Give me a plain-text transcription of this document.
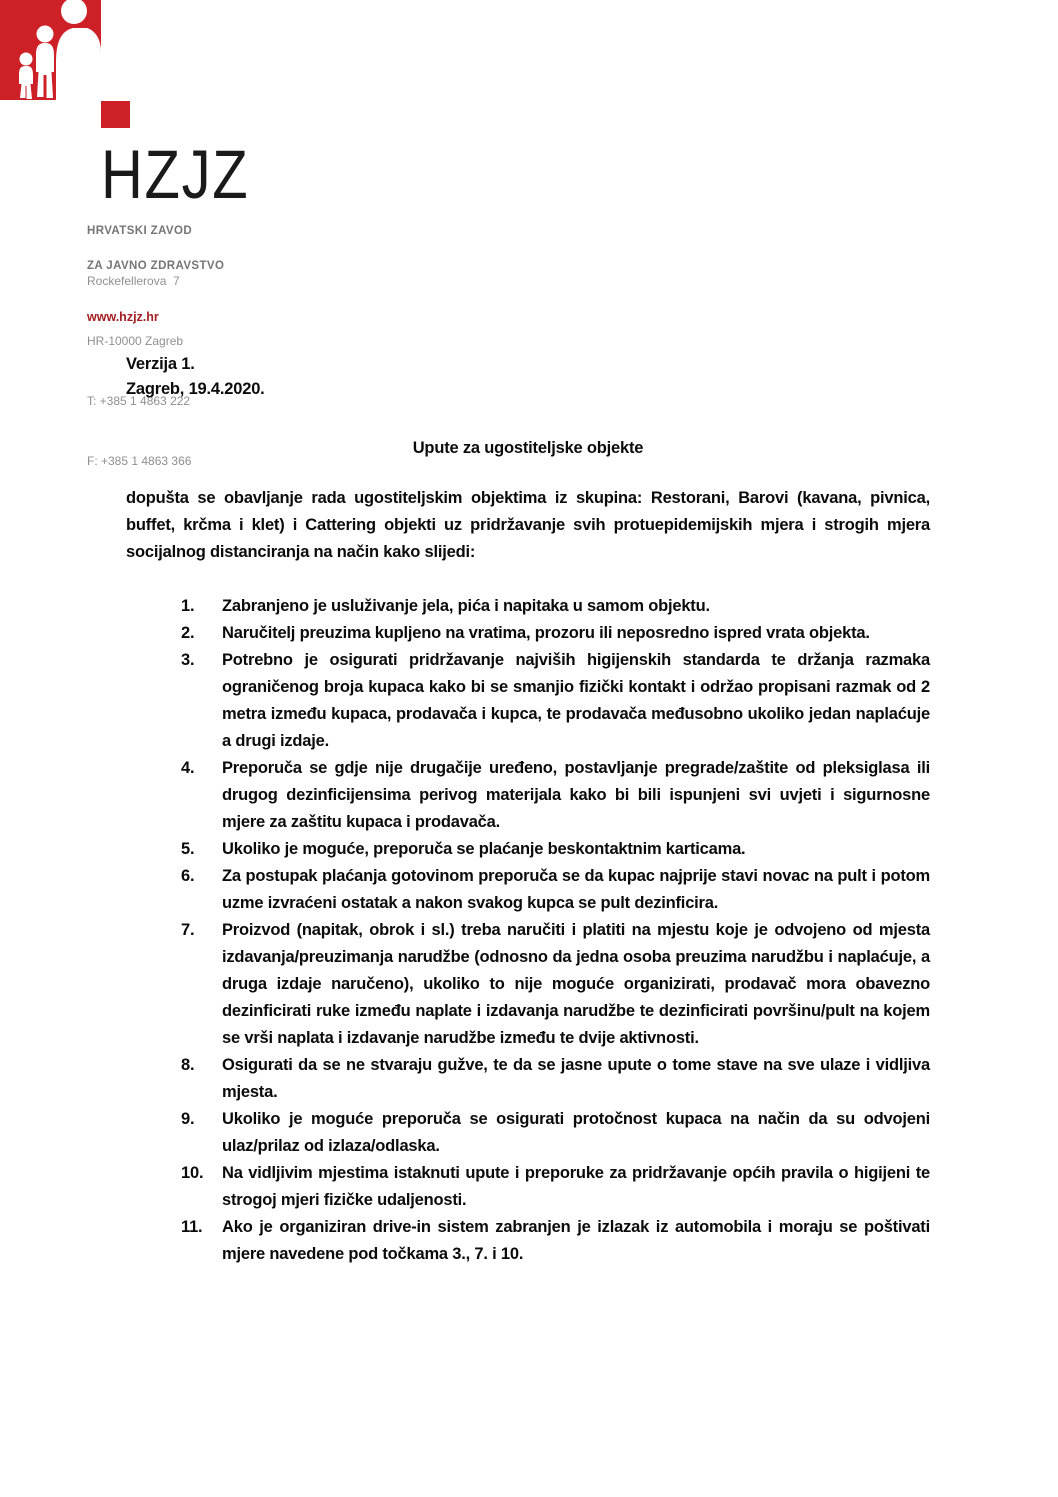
HZJZ

HRVATSKI ZAVOD

ZA JAVNO ZDRAVSTVO

Rockefellerova  7

HR-10000 Zagreb

T: +385 1 4863 222

F: +385 1 4863 366

www.hzjz.hr
Verzija 1.
Zagreb, 19.4.2020.
Upute za ugostiteljske objekte

dopušta se obavljanje rada ugostiteljskim objektima iz skupina: Restorani, Barovi (kavana, pivnica, buffet, krčma i klet) i Cattering objekti uz pridržavanje svih protuepidemijskih mjera i strogih mjera socijalnog distanciranja na način kako slijedi:

1.	Zabranjeno je usluživanje jela, pića i napitaka u samom objektu.
2.	Naručitelj preuzima kupljeno na vratima, prozoru ili neposredno ispred vrata objekta.
3.	Potrebno je osigurati pridržavanje najviših higijenskih standarda te držanja razmaka ograničenog broja kupaca kako bi se smanjio fizički kontakt i održao propisani razmak od 2 metra između kupaca, prodavača i kupca, te prodavača međusobno ukoliko jedan naplaćuje a drugi izdaje.
4.	Preporuča se gdje nije drugačije uređeno, postavljanje pregrade/zaštite od pleksiglasa ili drugog dezinficijensima perivog materijala kako bi bili ispunjeni svi uvjeti i sigurnosne mjere za zaštitu kupaca i prodavača.
5.	Ukoliko je moguće, preporuča se plaćanje beskontaktnim karticama.
6.	Za postupak plaćanja gotovinom preporuča se da kupac najprije stavi novac na pult i potom uzme izvraćeni ostatak a nakon svakog kupca se pult dezinficira.
7.	Proizvod (napitak, obrok i sl.) treba naručiti i platiti na mjestu koje je odvojeno od mjesta izdavanja/preuzimanja narudžbe (odnosno da jedna osoba preuzima narudžbu i naplaćuje, a druga izdaje naručeno), ukoliko to nije moguće organizirati, prodavač mora obavezno dezinficirati ruke između naplate i izdavanja narudžbe te dezinficirati površinu/pult na kojem se vrši naplata i izdavanje narudžbe između te dvije aktivnosti.
8.	Osigurati da se ne stvaraju gužve, te da se jasne upute o tome stave na sve ulaze i vidljiva mjesta.
9.	Ukoliko je moguće preporuča se osigurati protočnost kupaca na način da su odvojeni ulaz/prilaz od izlaza/odlaska.
10.	Na vidljivim mjestima istaknuti upute i preporuke za pridržavanje općih pravila o higijeni te strogoj mjeri fizičke udaljenosti.
11.	Ako je organiziran drive-in sistem zabranjen je izlazak iz automobila i moraju se poštivati   mjere navedene pod točkama 3., 7. i 10.
